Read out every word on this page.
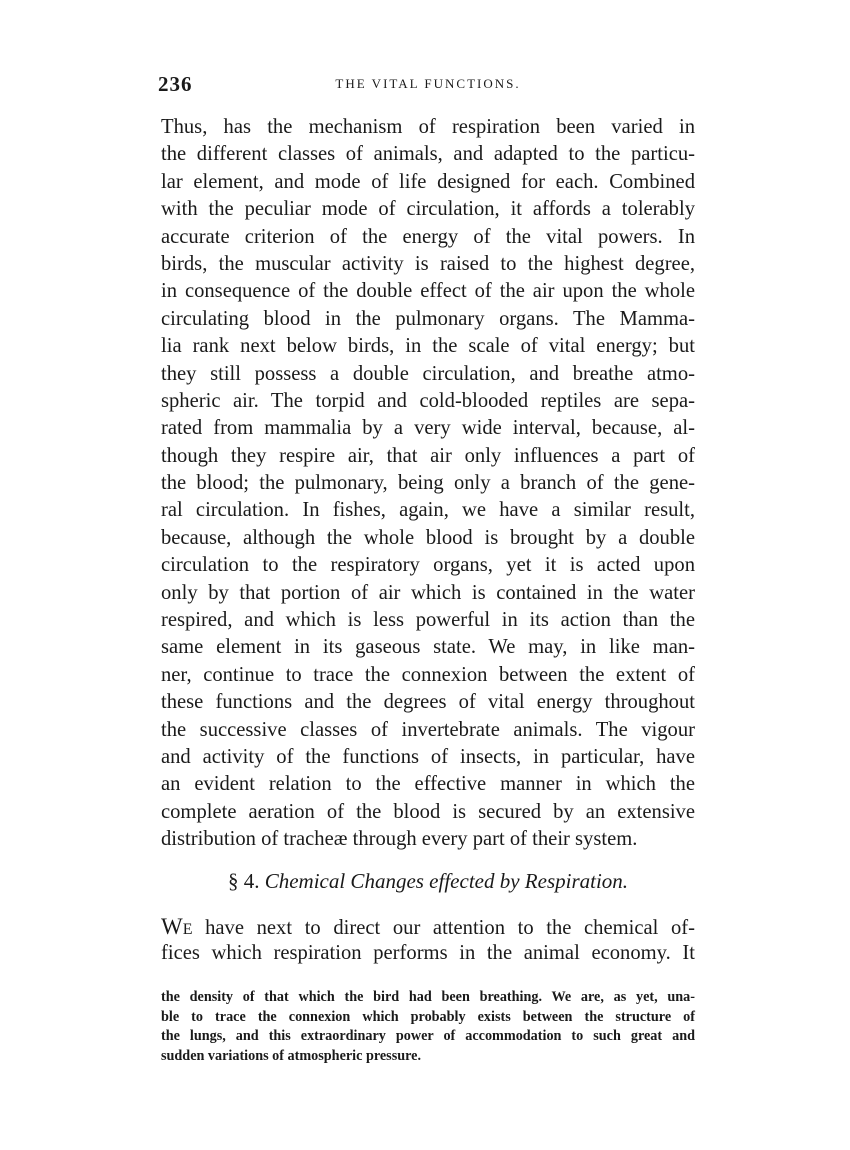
236	THE VITAL FUNCTIONS.
Thus, has the mechanism of respiration been varied in
the different classes of animals, and adapted to the particu-
lar element, and mode of life designed for each. Combined
with the peculiar mode of circulation, it affords a tolerably
accurate criterion of the energy of the vital powers. In
birds, the muscular activity is raised to the highest degree,
in consequence of the double effect of the air upon the whole
circulating blood in the pulmonary organs. The Mamma-
lia rank next below birds, in the scale of vital energy; but
they still possess a double circulation, and breathe atmo-
spheric air. The torpid and cold-blooded reptiles are sepa-
rated from mammalia by a very wide interval, because, al-
though they respire air, that air only influences a part of
the blood; the pulmonary, being only a branch of the gene-
ral circulation. In fishes, again, we have a similar result,
because, although the whole blood is brought by a double
circulation to the respiratory organs, yet it is acted upon
only by that portion of air which is contained in the water
respired, and which is less powerful in its action than the
same element in its gaseous state. We may, in like man-
ner, continue to trace the connexion between the extent of
these functions and the degrees of vital energy throughout
the successive classes of invertebrate animals. The vigour
and activity of the functions of insects, in particular, have
an evident relation to the effective manner in which the
complete aeration of the blood is secured by an extensive
distribution of tracheæ through every part of their system.
§ 4. Chemical Changes effected by Respiration.
WE have next to direct our attention to the chemical of-
fices which respiration performs in the animal economy. It
the density of that which the bird had been breathing. We are, as yet, una-
ble to trace the connexion which probably exists between the structure of
the lungs, and this extraordinary power of accommodation to such great and
sudden variations of atmospheric pressure.
